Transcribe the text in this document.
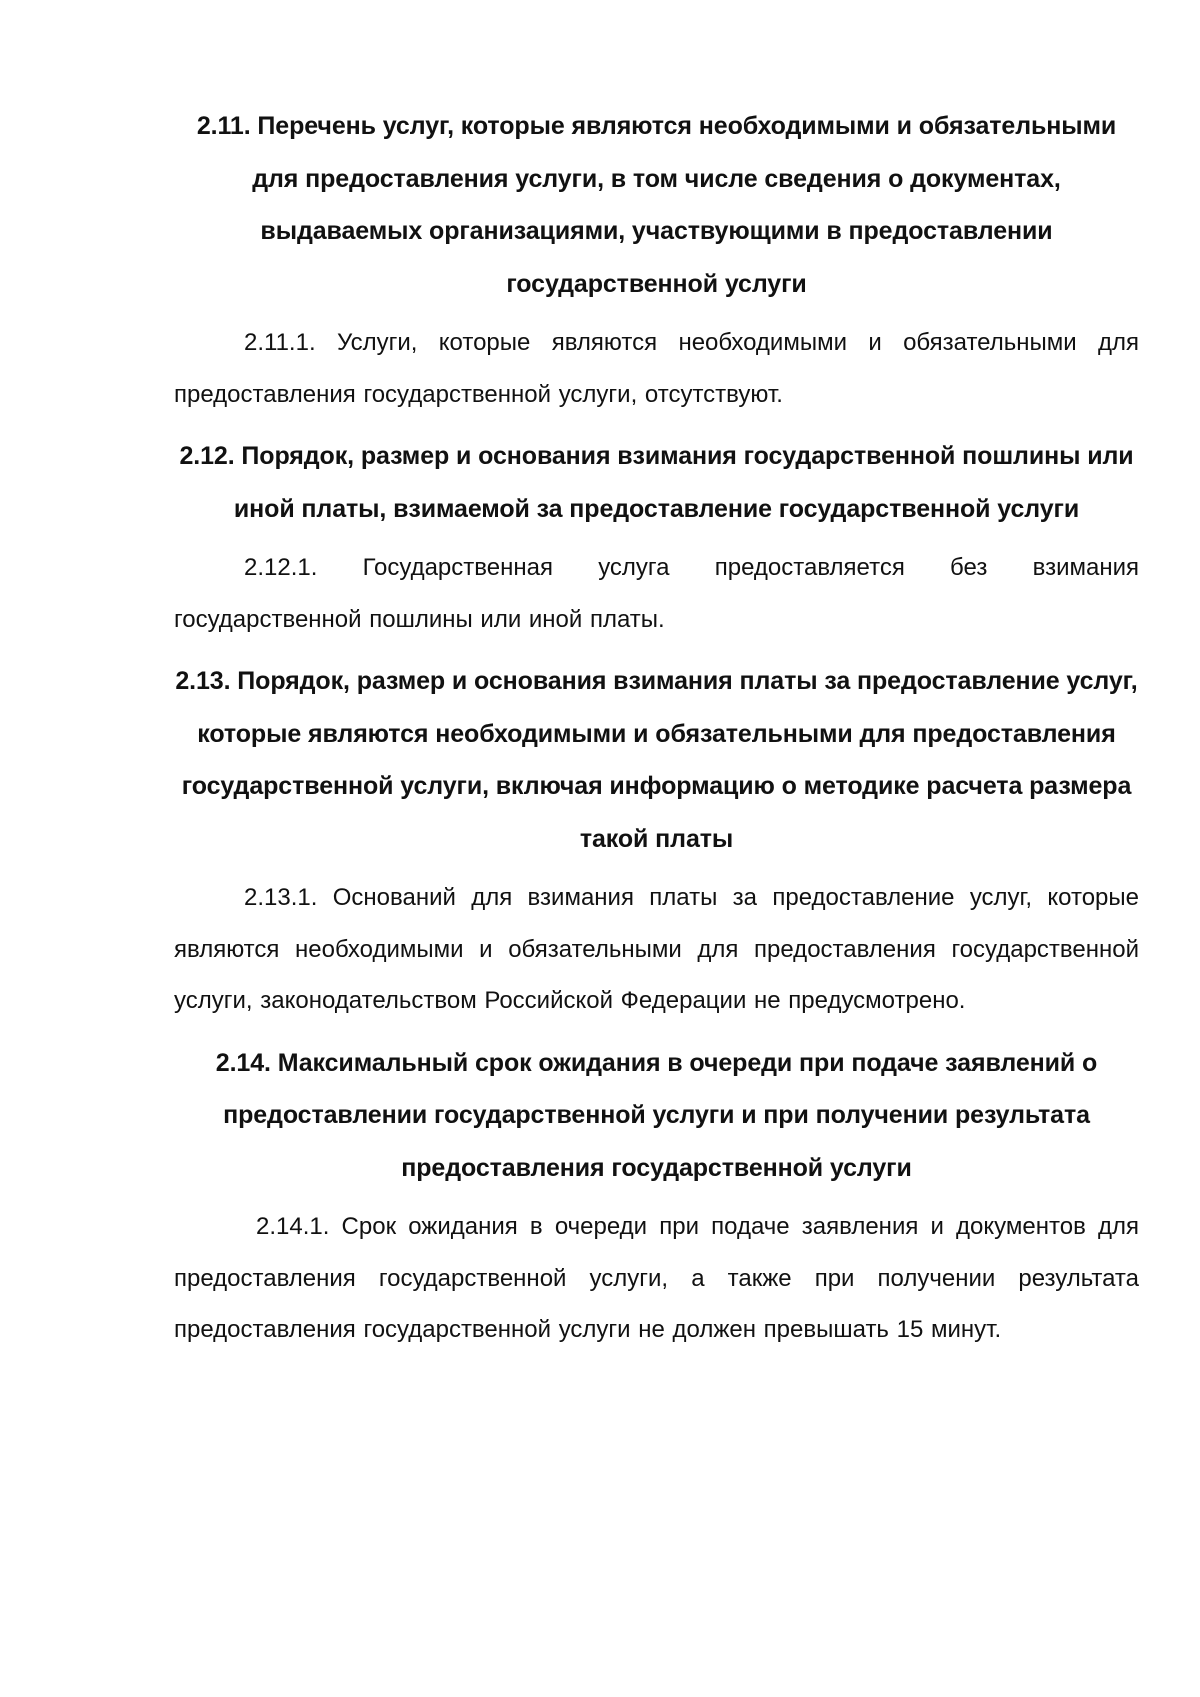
2.11. Перечень услуг, которые являются необходимыми и обязательными для предоставления услуги, в том числе сведения о документах, выдаваемых организациями, участвующими в предоставлении государственной услуги

2.11.1. Услуги, которые являются необходимыми и обязательными для предоставления государственной услуги, отсутствуют.

2.12. Порядок, размер и основания взимания государственной пошлины или иной платы, взимаемой за предоставление государственной услуги

2.12.1. Государственная услуга предоставляется без взимания государственной пошлины или иной платы.

2.13. Порядок, размер и основания взимания платы за предоставление услуг, которые являются необходимыми и обязательными для предоставления государственной услуги, включая информацию о методике расчета размера такой платы

2.13.1. Оснований для взимания платы за предоставление услуг, которые являются необходимыми и обязательными для предоставления государственной услуги, законодательством Российской Федерации не предусмотрено.

2.14. Максимальный срок ожидания в очереди при подаче заявлений о предоставлении государственной услуги и при получении результата предоставления государственной услуги

2.14.1. Срок ожидания в очереди при подаче заявления и документов для предоставления государственной услуги, а также при получении результата предоставления государственной услуги не должен превышать 15 минут.
